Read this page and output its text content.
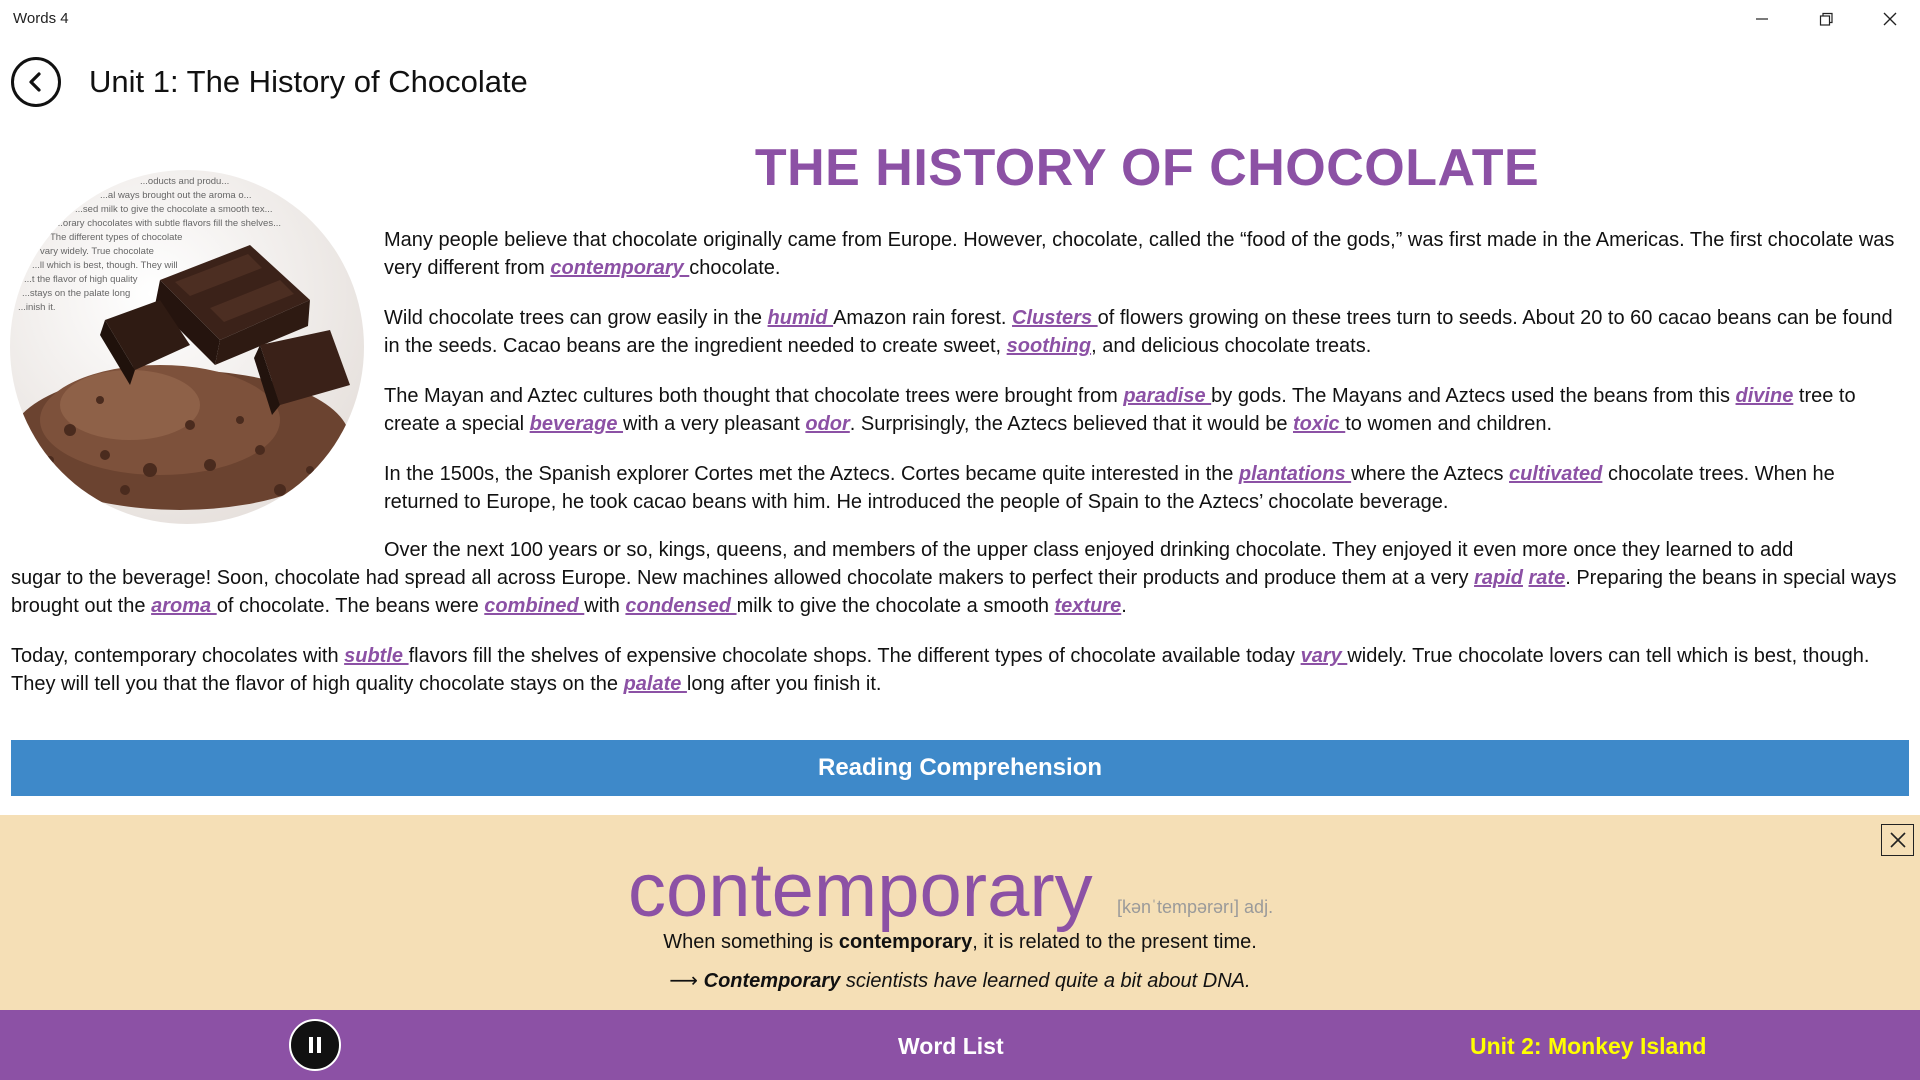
Words 4
Unit 1: The History of Chocolate
...oducts and produ...
...al ways brought out the aroma o...
...sed milk to give the chocolate a smooth tex...
...orary chocolates with subtle flavors fill the shelves...
The different types of chocolate
vary widely. True chocolate
...ll which is best, though. They will
...t the flavor of high quality
...stays on the palate long
...inish it.
THE HISTORY OF CHOCOLATE
Many people believe that chocolate originally came from Europe. However, chocolate, called the “food of the gods,” was first made in the Americas. The first chocolate was very different from contemporary chocolate.
Wild chocolate trees can grow easily in the humid Amazon rain forest. Clusters of flowers growing on these trees turn to seeds. About 20 to 60 cacao beans can be found in the seeds. Cacao beans are the ingredient needed to create sweet, soothing, and delicious chocolate treats.
The Mayan and Aztec cultures both thought that chocolate trees were brought from paradise by gods. The Mayans and Aztecs used the beans from this divine tree to create a special beverage with a very pleasant odor. Surprisingly, the Aztecs believed that it would be toxic to women and children.
In the 1500s, the Spanish explorer Cortes met the Aztecs. Cortes became quite interested in the plantations where the Aztecs cultivated chocolate trees. When he returned to Europe, he took cacao beans with him. He introduced the people of Spain to the Aztecs’ chocolate beverage.
Over the next 100 years or so, kings, queens, and members of the upper class enjoyed drinking chocolate. They enjoyed it even more once they learned to add
sugar to the beverage! Soon, chocolate had spread all across Europe. New machines allowed chocolate makers to perfect their products and produce them at a very rapid rate. Preparing the beans in special ways brought out the aroma of chocolate. The beans were combined with condensed milk to give the chocolate a smooth texture.
Today, contemporary chocolates with subtle flavors fill the shelves of expensive chocolate shops. The different types of chocolate available today vary widely. True chocolate lovers can tell which is best, though. They will tell you that the flavor of high quality chocolate stays on the palate long after you finish it.
Reading Comprehension
contemporary [kənˈtempərərı] adj.
When something is contemporary, it is related to the present time.
⟶ Contemporary scientists have learned quite a bit about DNA.
Word List	Unit 2: Monkey Island
